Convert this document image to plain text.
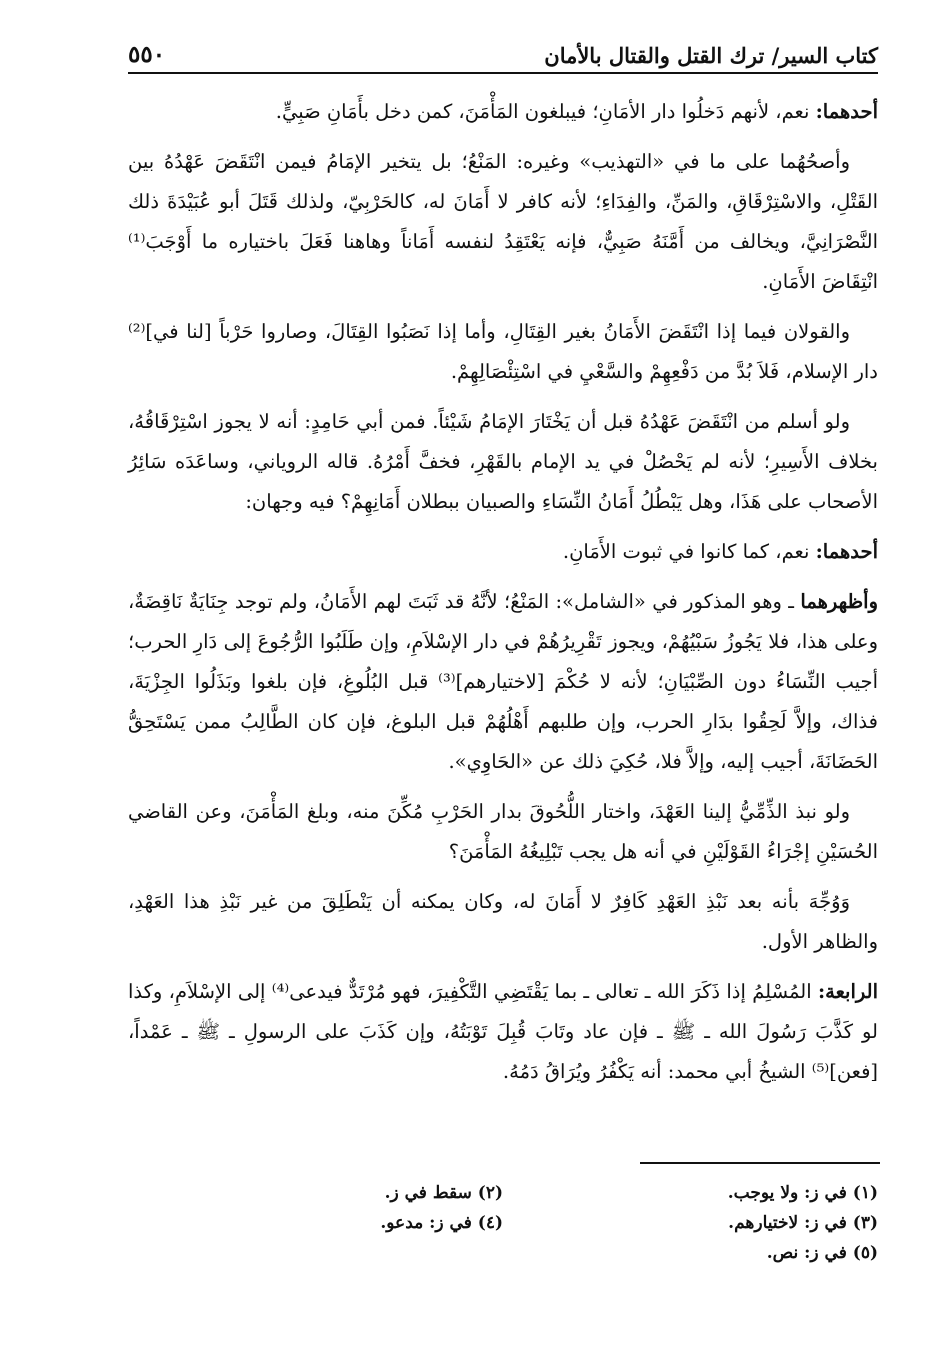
كتاب السير/ ترك القتل والقتال بالأمان
٥٥٠

أحدهما: نعم، لأنهم دَخلُوا دار الأمَانِ؛ فيبلغون المَأْمَنَ، كمن دخل بأَمَانِ صَبِيٍّ.

وأصحُهُما على ما في «التهذيب» وغيره: المَنْعُ؛ بل يتخير الإمَامُ فيمن انْتَقَضَ عَهْدُهُ بين القَتْلِ، والاسْتِرْقَاقِ، والمَنِّ، والفِدَاءِ؛ لأنه كافر لا أَمَانَ له، كالحَرْبِيّ، ولذلك قَتَلَ أبو عُبَيْدَةَ ذلك النَّصْرَانِيَّ، ويخالف من أَمَّنَهُ صَبِيٌّ، فإنه يَعْتَقِدُ لنفسه أَمَاناً وهاهنا فَعَلَ باختياره ما أَوْجَبَ⁽¹⁾ انْتِقَاضَ الأَمَانِ.

والقولان فيما إذا انْتَقَضَ الأَمَانُ بغير القِتَالِ، وأما إذا نَصَبُوا القِتَالَ، وصاروا حَرْباً [لنا في]⁽²⁾ دار الإسلام، فَلاَ بُدَّ من دَفْعِهِمْ والسَّعْيِ في اسْتِئْصَالِهِمْ.

ولو أسلم من انْتَقَضَ عَهْدُهُ قبل أن يَخْتَارَ الإمَامُ شَيْئاً. فمن أبي حَامِدٍ: أنه لا يجوز اسْتِرْقَاقُهُ، بخلاف الأَسِيرِ؛ لأنه لم يَحْصُلْ في يد الإمام بالقَهْرِ، فخفَّ أَمْرُهُ. قاله الروياني، وساعَدَه سَائِرُ الأصحاب على هَذَا، وهل يَبْطُلُ أَمَانُ النِّسَاءِ والصبيان ببطلان أَمَانِهِمْ؟ فيه وجهان:

أحدهما: نعم، كما كانوا في ثبوت الأَمَانِ.

وأظهرهما ـ وهو المذكور في «الشامل»: المَنْعُ؛ لأنَّهُ قد ثَبَتَ لهم الأَمَانُ، ولم توجد جِنَايَةٌ نَاقِضَةٌ، وعلى هذا، فلا يَجُوزُ سَبْيُهُمْ، ويجوز تَقْرِيرُهُمْ في دار الإسْلاَمِ، وإن طَلَبُوا الرُّجُوعَ إلى دَارِ الحرب؛ أجيب النِّسَاءُ دون الصِّبْيَانِ؛ لأنه لا حُكْمَ [لاختيارهم]⁽³⁾ قبل البُلُوغِ، فإن بلغوا وبَذَلُوا الجِزْيَةَ، فذاك، وإلاَّ لَحِقُوا بدَارِ الحرب، وإن طلبهم أَهْلُهُمْ قبل البلوغ، فإن كان الطَّالِبُ ممن يَسْتَحِقُّ الحَضَانَةَ، أجيب إليه، وإلاَّ فلا، حُكِيَ ذلك عن «الحَاوِي».

ولو نبذ الذِّمِّيُّ إلينا العَهْدَ، واختار اللُّحُوقَ بدار الحَرْبِ مُكِّنَ منه، وبلغ المَأْمَنَ، وعن القاضي الحُسَيْنِ إجْرَاءُ القَوْلَيْنِ في أنه هل يجب تَبْلِيغُهُ المَأْمَنَ؟

وَوُجِّهَ بأنه بعد نَبْذِ العَهْدِ كَافِرٌ لا أَمَانَ له، وكان يمكنه أن يَنْطَلِقَ من غير نَبْذِ هذا العَهْدِ، والظاهر الأول.

الرابعة: المُسْلِمُ إذا ذَكَرَ الله ـ تعالى ـ بما يَقْتَضِي التَّكْفِيرَ، فهو مُرْتَدٌّ فيدعى⁽⁴⁾ إلى الإسْلاَمِ، وكذا لو كَذَّبَ رَسُولَ الله ـ ﷺ ـ فإن عاد وتَابَ قُبِلَ تَوْبَتُهُ، وإن كَذَبَ على الرسولِ ـ ﷺ ـ عَمْداً، [فعن]⁽⁵⁾ الشيخُ أبي محمد: أنه يَكْفُرُ ويُرَاقُ دَمُهُ.

(١) في ز: ولا يوجب.
(٢) سقط في ز.
(٣) في ز: لاختيارهم.
(٤) في ز: مدعو.
(٥) في ز: نص.
